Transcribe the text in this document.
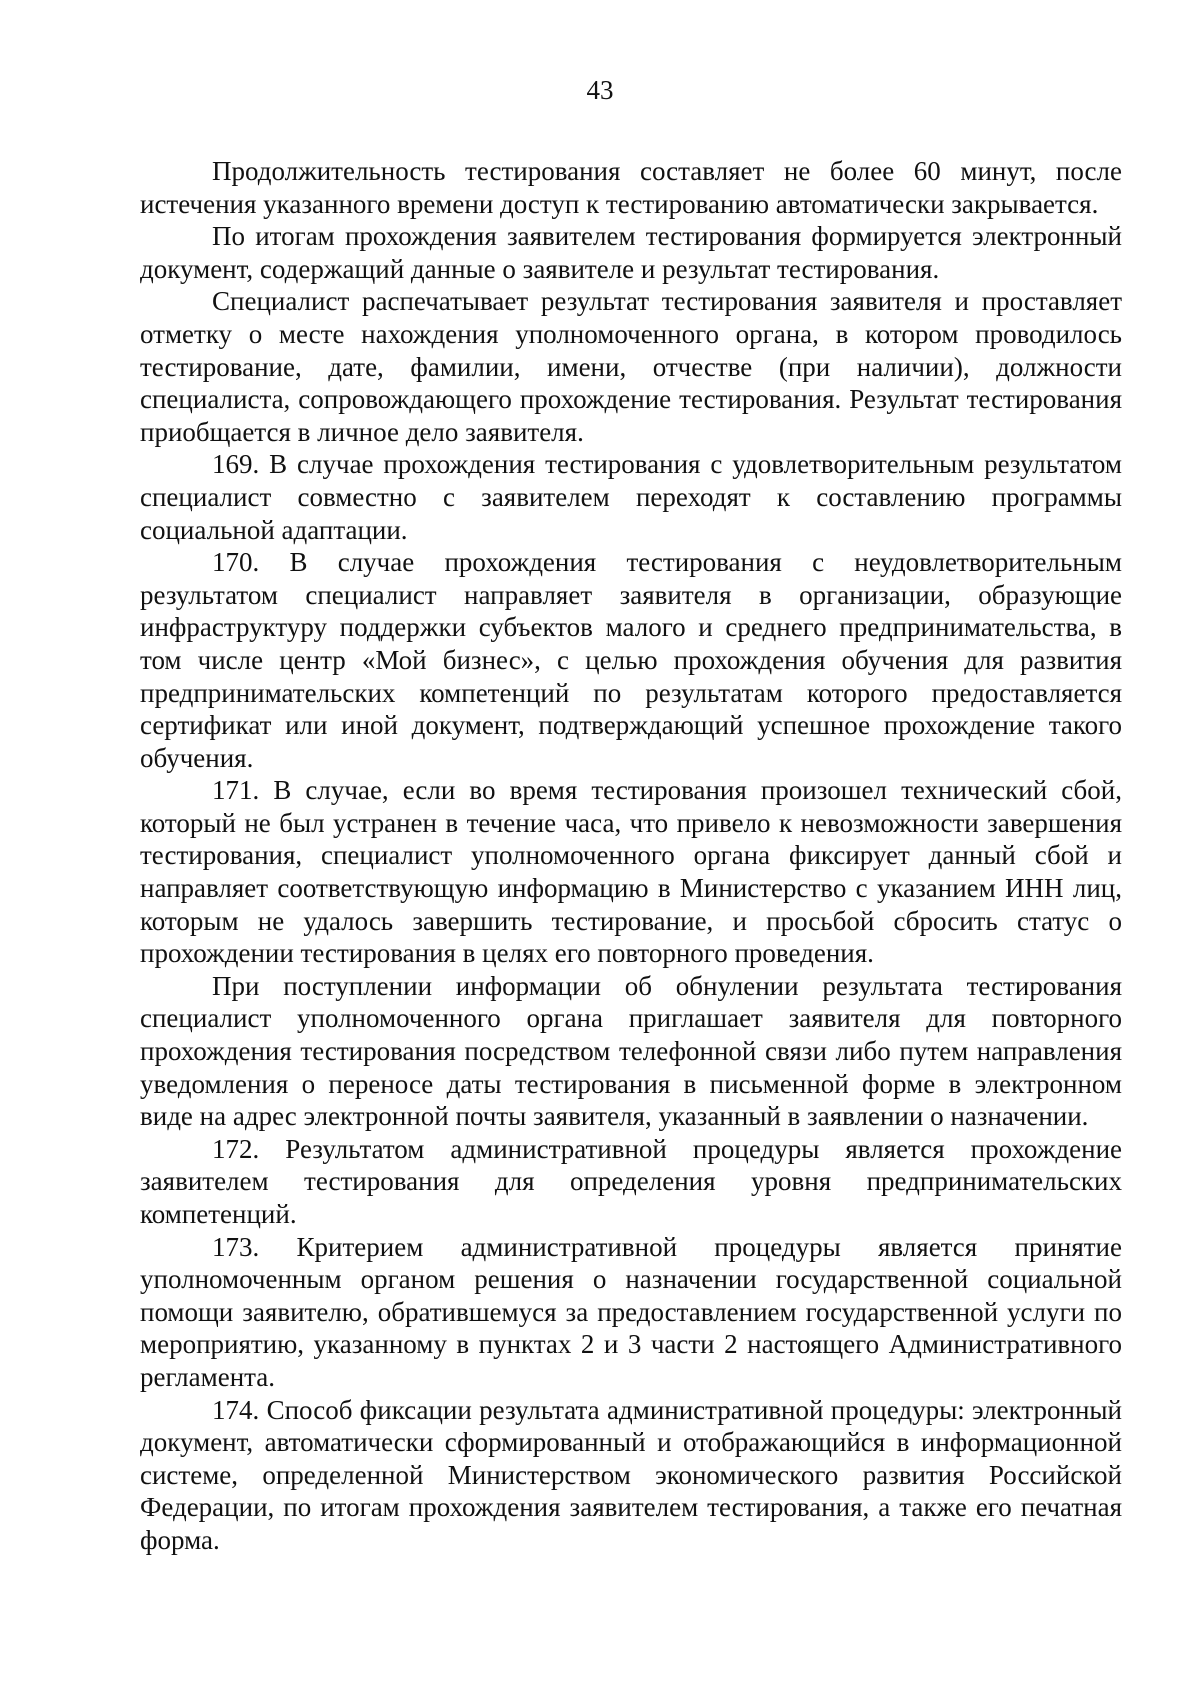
43

Продолжительность тестирования составляет не более 60 минут, после истечения указанного времени доступ к тестированию автоматически закрывается.

По итогам прохождения заявителем тестирования формируется электронный документ, содержащий данные о заявителе и результат тестирования.

Специалист распечатывает результат тестирования заявителя и проставляет отметку о месте нахождения уполномоченного органа, в котором проводилось тестирование, дате, фамилии, имени, отчестве (при наличии), должности специалиста, сопровождающего прохождение тестирования. Результат тестирования приобщается в личное дело заявителя.

169. В случае прохождения тестирования с удовлетворительным результатом специалист совместно с заявителем переходят к составлению программы социальной адаптации.

170. В случае прохождения тестирования с неудовлетворительным результатом специалист направляет заявителя в организации, образующие инфраструктуру поддержки субъектов малого и среднего предпринимательства, в том числе центр «Мой бизнес», с целью прохождения обучения для развития предпринимательских компетенций по результатам которого предоставляется сертификат или иной документ, подтверждающий успешное прохождение такого обучения.

171. В случае, если во время тестирования произошел технический сбой, который не был устранен в течение часа, что привело к невозможности завершения тестирования, специалист уполномоченного органа фиксирует данный сбой и направляет соответствующую информацию в Министерство с указанием ИНН лиц, которым не удалось завершить тестирование, и просьбой сбросить статус о прохождении тестирования в целях его повторного проведения.

При поступлении информации об обнулении результата тестирования специалист уполномоченного органа приглашает заявителя для повторного прохождения тестирования посредством телефонной связи либо путем направления уведомления о переносе даты тестирования в письменной форме в электронном виде на адрес электронной почты заявителя, указанный в заявлении о назначении.

172. Результатом административной процедуры является прохождение заявителем тестирования для определения уровня предпринимательских компетенций.

173. Критерием административной процедуры является принятие уполномоченным органом решения о назначении государственной социальной помощи заявителю, обратившемуся за предоставлением государственной услуги по мероприятию, указанному в пунктах 2 и 3 части 2 настоящего Административного регламента.

174. Способ фиксации результата административной процедуры: электронный документ, автоматически сформированный и отображающийся в информационной системе, определенной Министерством экономического развития Российской Федерации, по итогам прохождения заявителем тестирования, а также его печатная форма.
